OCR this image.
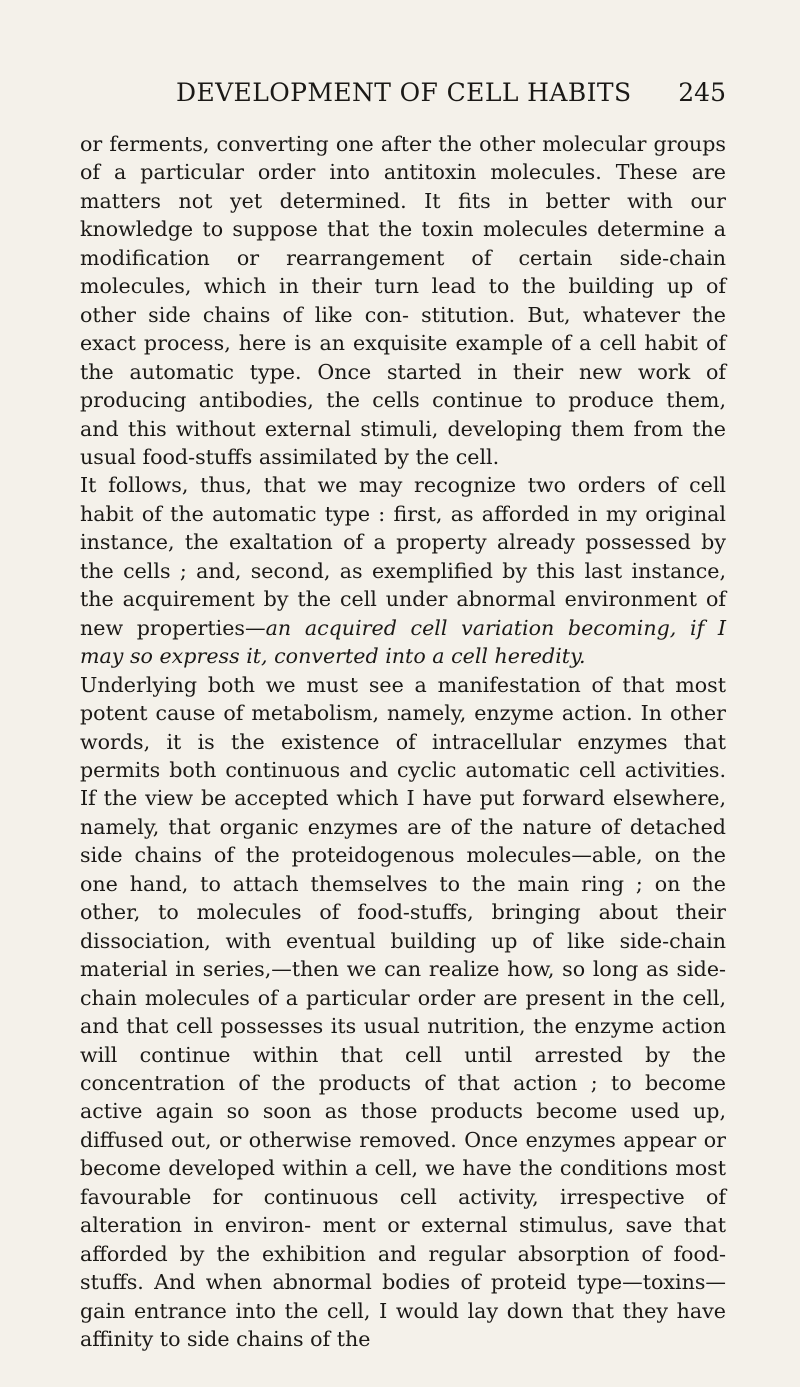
DEVELOPMENT OF CELL HABITS 245

or ferments, converting one after the other molecular groups of a particular order into antitoxin molecules. These are matters not yet determined. It fits in better with our knowledge to suppose that the toxin molecules determine a modification or rearrangement of certain side-chain molecules, which in their turn lead to the building up of other side chains of like con- stitution. But, whatever the exact process, here is an exquisite example of a cell habit of the automatic type. Once started in their new work of producing antibodies, the cells continue to produce them, and this without external stimuli, developing them from the usual food-stuffs assimilated by the cell.

It follows, thus, that we may recognize two orders of cell habit of the automatic type : first, as afforded in my original instance, the exaltation of a property already possessed by the cells ; and, second, as exemplified by this last instance, the acquirement by the cell under abnormal environment of new properties—an acquired cell variation becoming, if I may so express it, converted into a cell heredity.

Underlying both we must see a manifestation of that most potent cause of metabolism, namely, enzyme action. In other words, it is the existence of intracellular enzymes that permits both continuous and cyclic automatic cell activities. If the view be accepted which I have put forward elsewhere, namely, that organic enzymes are of the nature of detached side chains of the proteidogenous molecules—able, on the one hand, to attach themselves to the main ring ; on the other, to molecules of food-stuffs, bringing about their dissociation, with eventual building up of like side-chain material in series,—then we can realize how, so long as side-chain molecules of a particular order are present in the cell, and that cell possesses its usual nutrition, the enzyme action will continue within that cell until arrested by the concentration of the products of that action ; to become active again so soon as those products become used up, diffused out, or otherwise removed. Once enzymes appear or become developed within a cell, we have the conditions most favourable for continuous cell activity, irrespective of alteration in environ- ment or external stimulus, save that afforded by the exhibition and regular absorption of food-stuffs. And when abnormal bodies of proteid type—toxins—gain entrance into the cell, I would lay down that they have affinity to side chains of the
